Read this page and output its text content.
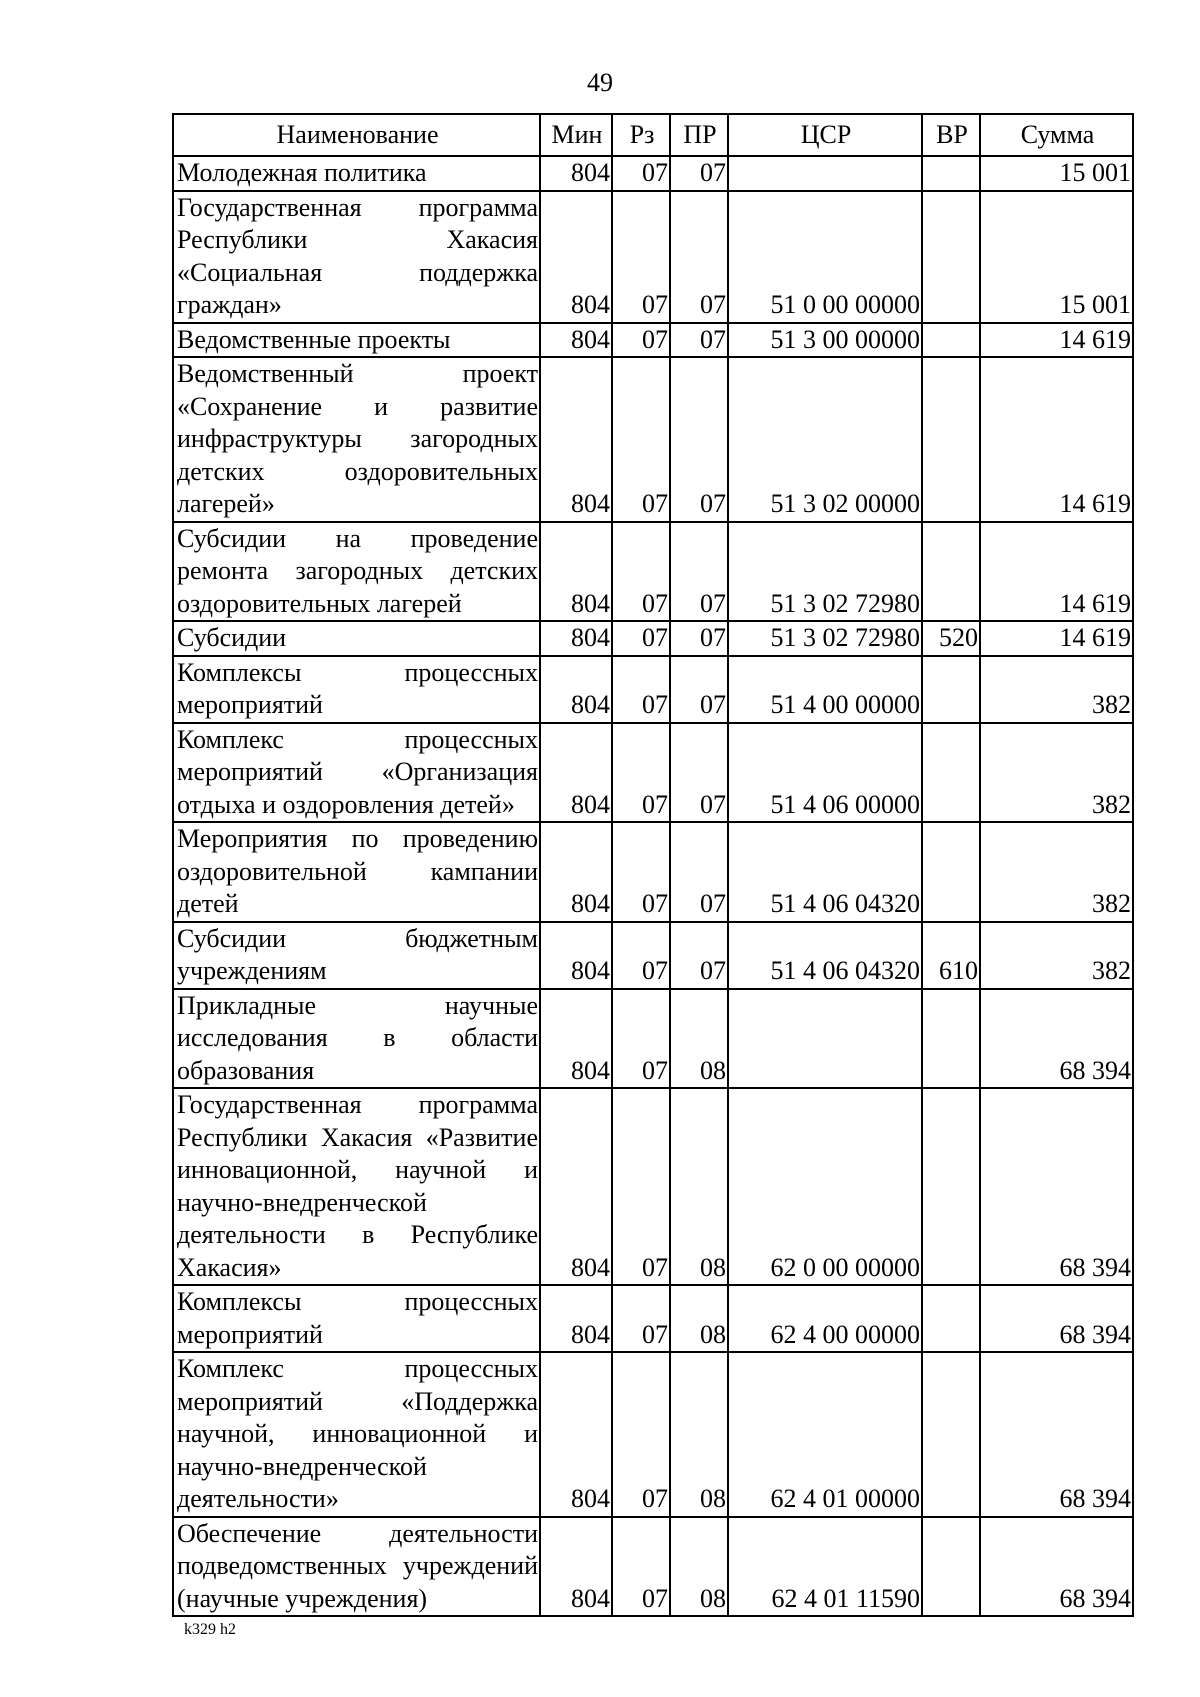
49
Наименование	Мин	Рз	ПР	ЦСР	ВР	Сумма
Молодежная политика	804	07	07			15 001
Государственная программа Республики Хакасия «Социальная поддержка граждан»	804	07	07	51 0 00 00000		15 001
Ведомственные проекты	804	07	07	51 3 00 00000		14 619
Ведомственный проект «Сохранение и развитие инфраструктуры загородных детских оздоровительных лагерей»	804	07	07	51 3 02 00000		14 619
Субсидии на проведение ремонта загородных детских оздоровительных лагерей	804	07	07	51 3 02 72980		14 619
Субсидии	804	07	07	51 3 02 72980	520	14 619
Комплексы процессных мероприятий	804	07	07	51 4 00 00000		382
Комплекс процессных мероприятий «Организация отдыха и оздоровления детей»	804	07	07	51 4 06 00000		382
Мероприятия по проведению оздоровительной кампании детей	804	07	07	51 4 06 04320		382
Субсидии бюджетным учреждениям	804	07	07	51 4 06 04320	610	382
Прикладные научные исследования в области образования	804	07	08			68 394
Государственная программа Республики Хакасия «Развитие инновационной, научной и научно-внедренческой деятельности в Республике Хакасия»	804	07	08	62 0 00 00000		68 394
Комплексы процессных мероприятий	804	07	08	62 4 00 00000		68 394
Комплекс процессных мероприятий «Поддержка научной, инновационной и научно-внедренческой деятельности»	804	07	08	62 4 01 00000		68 394
Обеспечение деятельности подведомственных учреждений (научные учреждения)	804	07	08	62 4 01 11590		68 394
k329 h2
